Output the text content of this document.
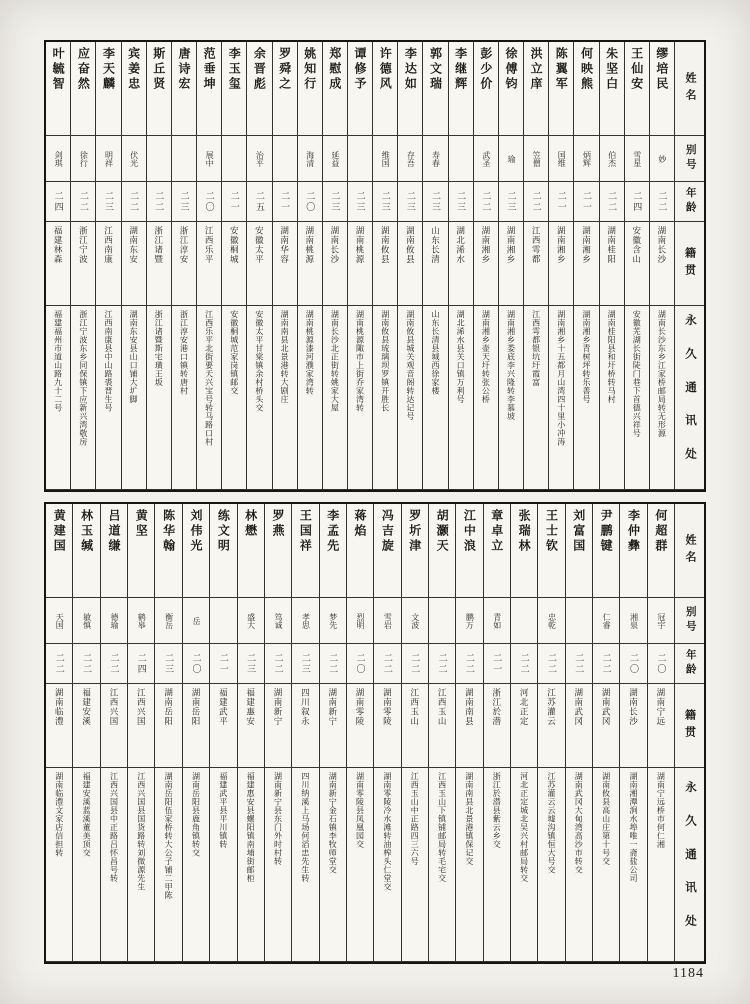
姓名
别号
年龄
籍贯
永久通讯处
缪培民
妙
二二
湖南长沙
湖南长沙东乡江家桥邮局转无形源
王仙安
雪星
二四
安徽含山
安徽芜湖长街陡门巷下首德兴祥号
朱坚白
伯杰
二二
湖南桂阳
湖南桂阳县和圩桥转马村
何映熊
炳辉
二一
湖南湘乡
湖南湘乡青树坪转乐善号
陈翼军
国维
二一
湖南湘乡
湖南湘乡十五都月山湾四十里小冲涛
洪立庠
笠僧
二二
江西雩都
江西雩都银坑圩霞富
徐傅钧
瑜
二三
湖南湘乡
湖南湘乡娄底李兴隆转李慕坡
彭少价
武圣
二二
湖南湘乡
湖南湘乡壶天圩转张公桥
李继辉
二三
湖北浠水
湖北浠水县关口镇万利号
郭文瑞
寿春
二三
山东长清
山东长清县城西徐家楼
李达如
存吾
二三
湖南攸县
湖南攸县城关观音阁转达记号
许德风
维国
二三
湖南攸县
湖南攸县琉璃坝罗镇开胜长
谭修予
二三
湖南桃源
湖南桃源陬市上街乔家湾转
郑慰成
延益
二三
湖南长沙
湖南长沙北正街转姚家大屋
姚知行
海清
二〇
湖南桃源
湖南桃源漆河濮家湾转
罗舜之
二一
湖南华容
湖南南县北景港转大剧庄
余晋彪
治平
二五
安徽太平
安徽太平甘棠镇余村桥头交
李玉玺
二一
安徽桐城
安徽桐城范家岗镇邮交
范垂坤
展中
二〇
江西乐平
江西乐平北街要天兴宝号转马路口村
唐诗宏
二三
浙江淳安
浙江淳安港口镇转唐村
斯丘贤
二二
浙江诸暨
浙江诸暨斯宅璜王坂
宾姜忠
伏光
二二
湖南东安
湖南东安县山口铺大圹脚
李天麟
明祥
二三
江西南康
江西南康县中山路裘晋生号
应奋然
徐行
二二
浙江宁波
浙江宁波东乡同保镇下应新兴湾敬房
叶毓智
剑琪
二四
福建林森
福建福州市道山路九十二号
姓名
别号
年龄
籍贯
永久通讯处
何超群
冠宇
二〇
湖南宁远
湖南宁远桥市何仁湘
李仲彝
湘泉
二〇
湖南长沙
湖南湘潭涧水埠唯一斋盐公司
尹鹏键
仁睿
二二
湖南武冈
湖南攸县高山庄第十号交
刘富国
二二
湖南武冈
湖南武冈大甸湾高沙市转交
王士钦
忠乾
二二
江苏灌云
江苏灌云云墟沟镇恒大号交
张瑞林
二二
河北正定
河北正定城北吴兴村邮局转交
章卓立
青如
二一
浙江於潜
浙江於潜县紫云乡交
江中浪
鹏万
二二
湖南南县
湖南南县北景港镇保记交
胡灏天
二二
江西玉山
江西玉山下镇铺邮局转毛宅交
罗圻津
文波
二二
江西玉山
江西玉山中正路四三六号
冯吉旋
雪岩
二二
湖南零陵
湖南零陵冷水滩转油榨头仁堂交
蒋焰
烈明
二〇
湖南零陵
湖南零陵县凤凰园交
李孟先
梦先
二二
湖南新宁
湖南新宁金石镇李牧师堂交
王国祥
孝思
二三
四川叙永
四川纳溪上马场何滔忠先生转
罗燕
笃诚
二二
湖南新宁
湖南新宁县东门外时村转
林懋
盛大
二三
福建惠安
福建惠安县螺阳镇南埔街邮柜
练文明
二一
福建武平
福建武平县平川镇转
刘伟光
岳
二〇
湖南岳阳
湖南岳阳县鹿角镇转交
陈华翰
衡岳
二三
湖南岳阳
湖南岳阳伍家桥转大公子铺二甲陈
黄坚
鹤皋
二四
江西兴国
江西兴国县国货路转刘微源先生
吕道缣
德瑜
二二
江西兴国
江西兴国县中正路吕怀昌号转
林玉缄
敏慎
二二
福建安溪
福建安溪蓝溪董美顶交
黄建国
天国
二二
湖南临澧
湖南临澧文家店信担转
1184
